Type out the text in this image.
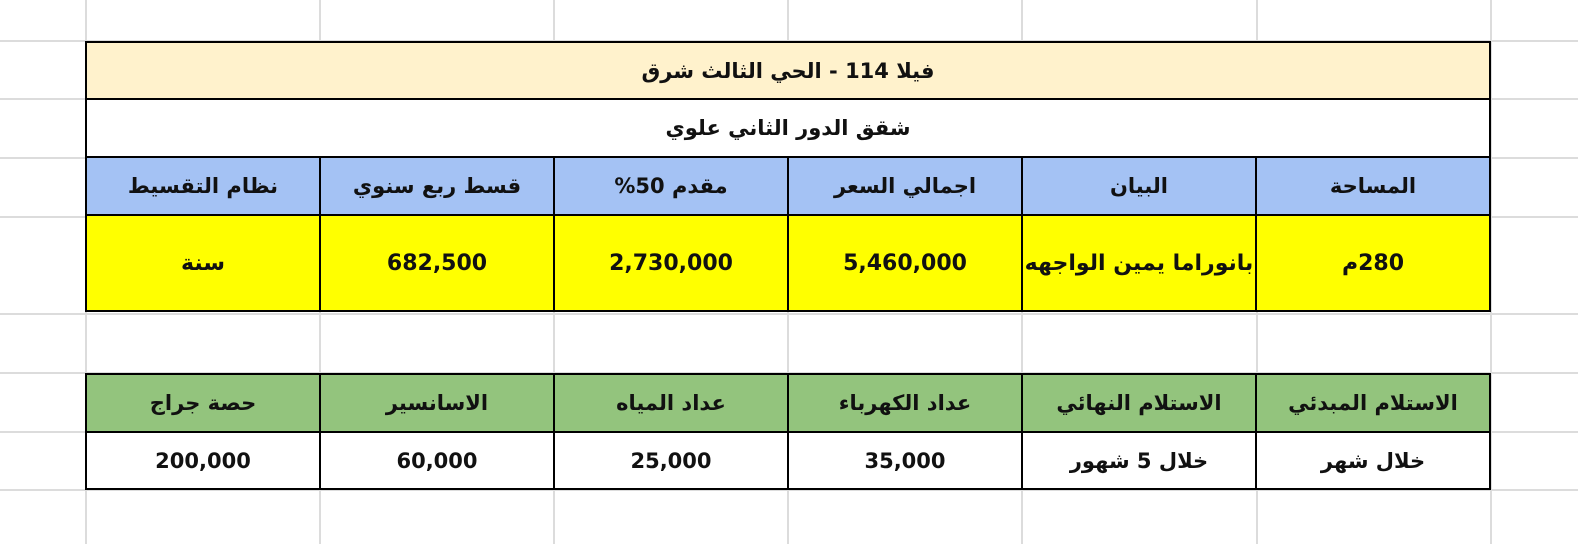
فيلا 114 - الحي الثالث شرق					
شقق الدور الثاني علوي					
المساحة	البيان	اجمالي السعر	مقدم 50%	قسط ربع سنوي	نظام التقسيط
280م	بانوراما يمين الواجهه	5,460,000	2,730,000	682,500	سنة
الاستلام المبدئي	الاستلام النهائي	عداد الكهرباء	عداد المياه	الاسانسير	حصة جراج
خلال شهر	خلال 5 شهور	35,000	25,000	60,000	200,000
